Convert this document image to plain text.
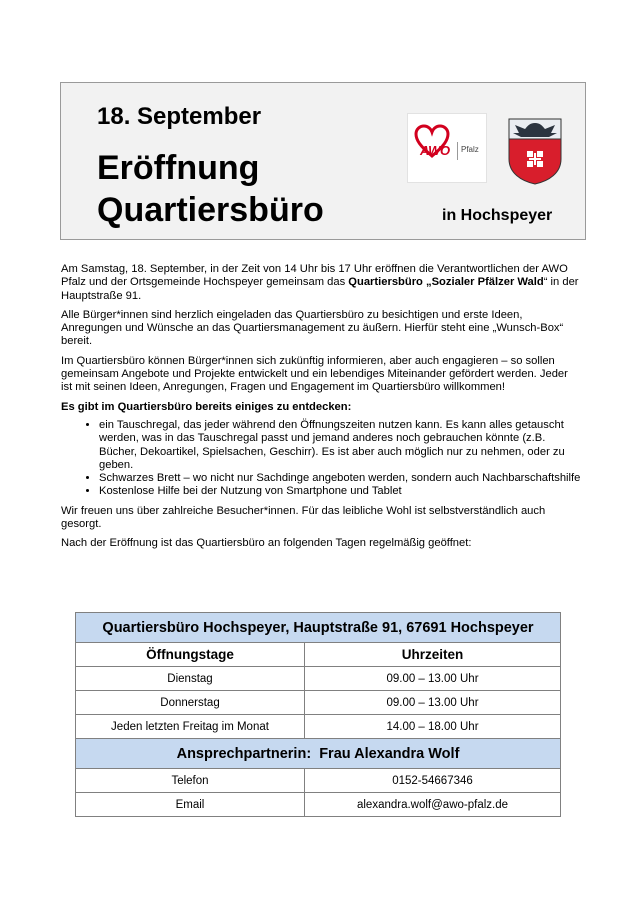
18. September
Eröffnung
Quartiersbüro	in Hochspeyer
AWO Pfalz

Am Samstag, 18. September, in der Zeit von 14 Uhr bis 17 Uhr eröffnen die Verantwortlichen der AWO Pfalz und der Ortsgemeinde Hochspeyer gemeinsam das Quartiersbüro „Sozialer Pfälzer Wald“ in der Hauptstraße 91.

Alle Bürger*innen sind herzlich eingeladen das Quartiersbüro zu besichtigen und erste Ideen, Anregungen und Wünsche an das Quartiersmanagement zu äußern. Hierfür steht eine „Wunsch-Box“ bereit.

Im Quartiersbüro können Bürger*innen sich zukünftig informieren, aber auch engagieren – so sollen gemeinsam Angebote und Projekte entwickelt und ein lebendiges Miteinander gefördert werden. Jeder ist mit seinen Ideen, Anregungen, Fragen und Engagement im Quartiersbüro willkommen!

Es gibt im Quartiersbüro bereits einiges zu entdecken:

• ein Tauschregal, das jeder während den Öffnungszeiten nutzen kann. Es kann alles getauscht werden, was in das Tauschregal passt und jemand anderes noch gebrauchen könnte (z.B. Bücher, Dekoartikel, Spielsachen, Geschirr). Es ist aber auch möglich nur zu nehmen, oder zu geben.
• Schwarzes Brett – wo nicht nur Sachdinge angeboten werden, sondern auch Nachbarschaftshilfe
• Kostenlose Hilfe bei der Nutzung von Smartphone und Tablet

Wir freuen uns über zahlreiche Besucher*innen. Für das leibliche Wohl ist selbstverständlich auch gesorgt.

Nach der Eröffnung ist das Quartiersbüro an folgenden Tagen regelmäßig geöffnet:

Quartiersbüro Hochspeyer, Hauptstraße 91, 67691 Hochspeyer	
Öffnungstage	Uhrzeiten
Dienstag	09.00 – 13.00 Uhr
Donnerstag	09.00 – 13.00 Uhr
Jeden letzten Freitag im Monat	14.00 – 18.00 Uhr
Ansprechpartnerin:  Frau Alexandra Wolf	
Telefon	0152-54667346
Email	alexandra.wolf@awo-pfalz.de
